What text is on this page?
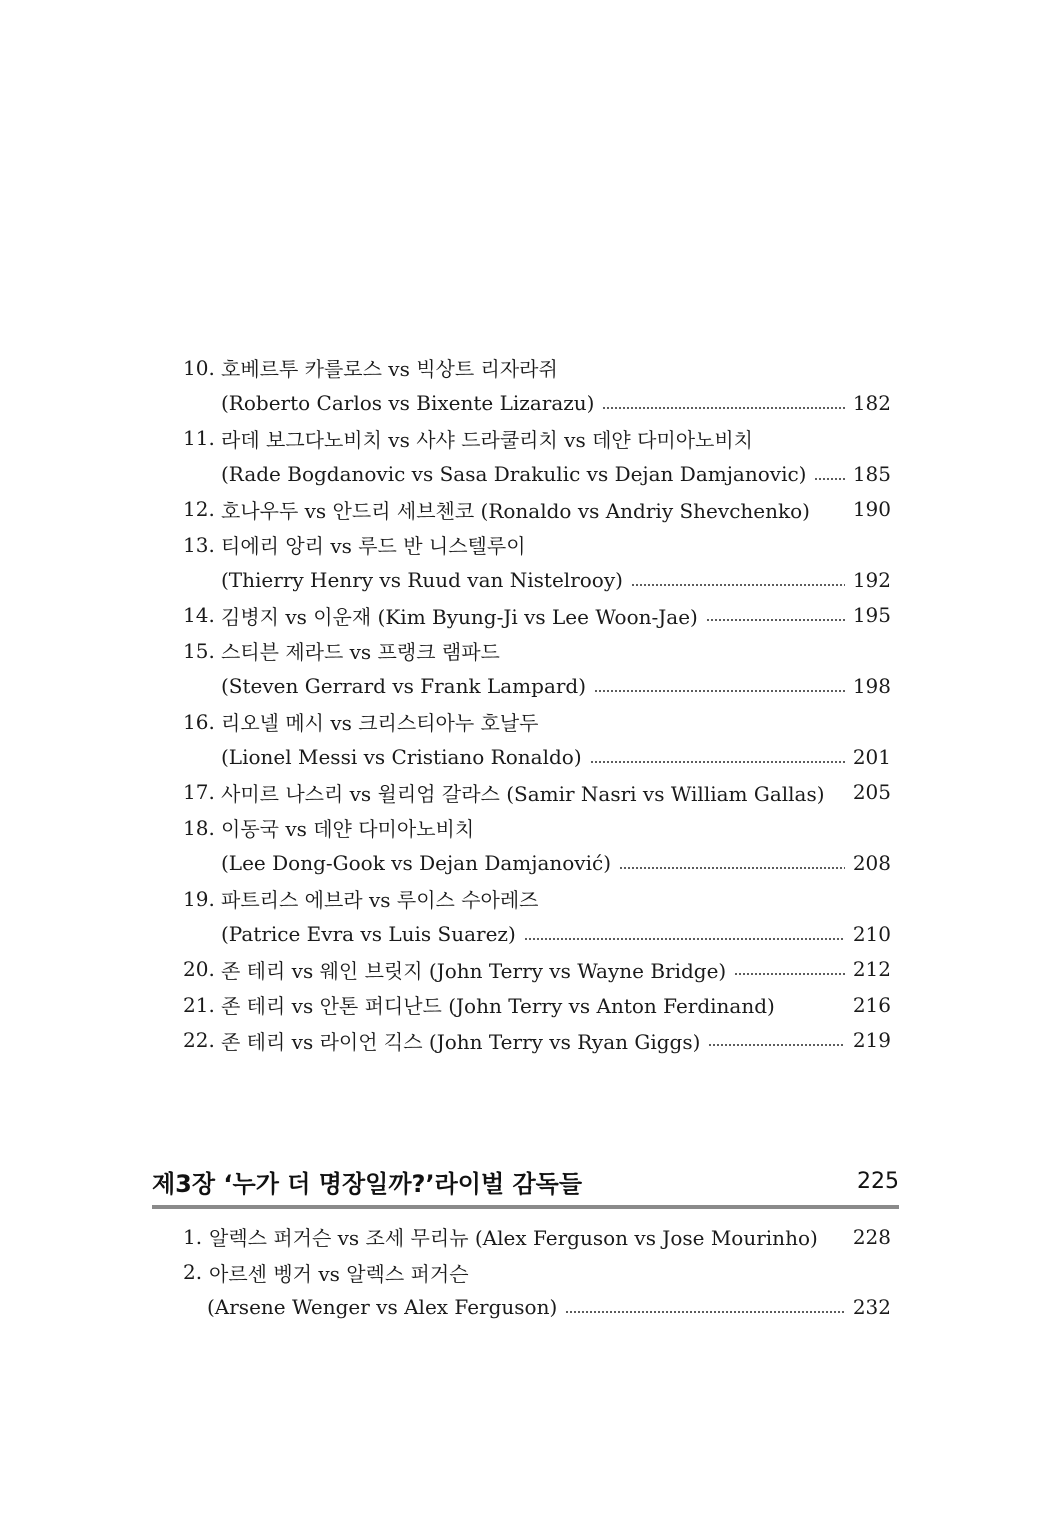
10. 호베르투 카를로스 vs 빅상트 리자라쥐
(Roberto Carlos vs Bixente Lizarazu)	182
11. 라데 보그다노비치 vs 사샤 드라쿨리치 vs 데얀 다미아노비치
(Rade Bogdanovic vs Sasa Drakulic vs Dejan Damjanovic) 185
12. 호나우두 vs 안드리 세브첸코 (Ronaldo vs Andriy Shevchenko) 190
13. 티에리 앙리 vs 루드 반 니스텔루이
(Thierry Henry vs Ruud van Nistelrooy)	192
14. 김병지 vs 이운재 (Kim Byung-Ji vs Lee Woon-Jae)	195
15. 스티븐 제라드 vs 프랭크 램파드
(Steven Gerrard vs Frank Lampard)	198
16. 리오넬 메시 vs 크리스티아누 호날두
(Lionel Messi vs Cristiano Ronaldo)	201
17. 사미르 나스리 vs 윌리엄 갈라스 (Samir Nasri vs William Gallas) 205
18. 이동국 vs 데얀 다미아노비치
(Lee Dong-Gook vs Dejan Damjanović)	208
19. 파트리스 에브라 vs 루이스 수아레즈
(Patrice Evra vs Luis Suarez)	210
20. 존 테리 vs 웨인 브릿지 (John Terry vs Wayne Bridge)	212
21. 존 테리 vs 안톤 퍼디난드 (John Terry vs Anton Ferdinand)	216
22. 존 테리 vs 라이언 긱스 (John Terry vs Ryan Giggs)	219
제3장 ‘누가 더 명장일까?’라이벌 감독들	225
1. 알렉스 퍼거슨 vs 조세 무리뉴 (Alex Ferguson vs Jose Mourinho) 228
2. 아르센 벵거 vs 알렉스 퍼거슨
(Arsene Wenger vs Alex Ferguson)	232
